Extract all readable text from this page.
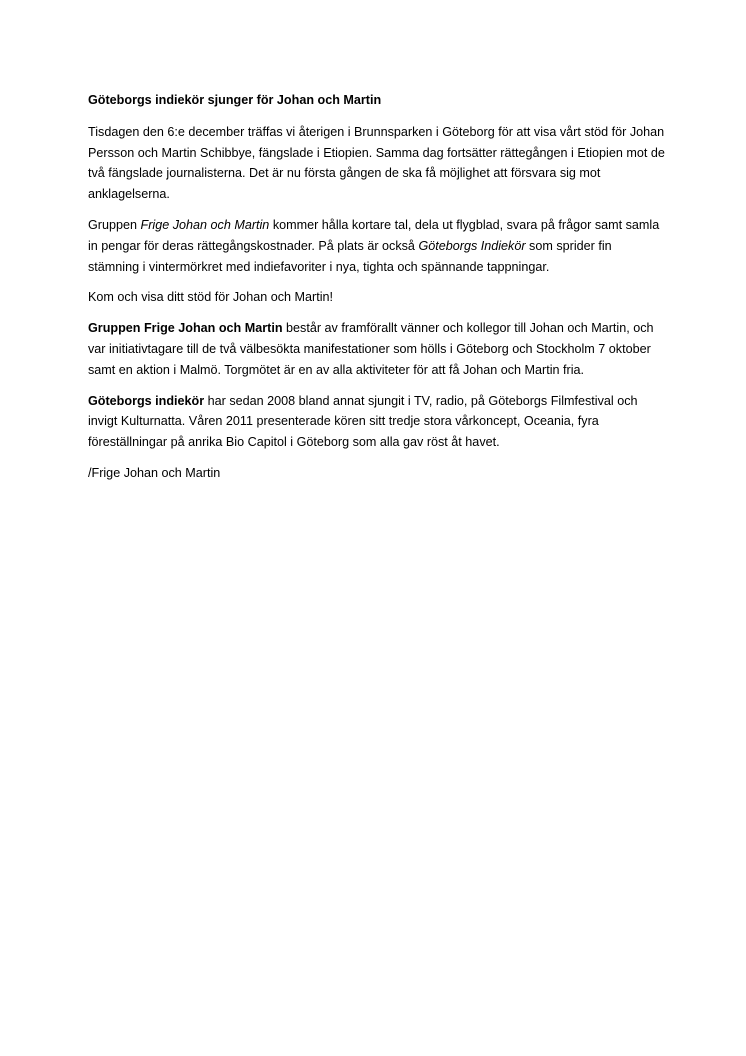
Göteborgs indiekör sjunger för Johan och Martin

Tisdagen den 6:e december träffas vi återigen i Brunnsparken i Göteborg för att visa vårt stöd för Johan Persson och Martin Schibbye, fängslade i Etiopien. Samma dag fortsätter rättegången i Etiopien mot de två fängslade journalisterna. Det är nu första gången de ska få möjlighet att försvara sig mot anklagelserna.

Gruppen Frige Johan och Martin kommer hålla kortare tal, dela ut flygblad, svara på frågor samt samla in pengar för deras rättegångskostnader. På plats är också Göteborgs Indiekör som sprider fin stämning i vintermörkret med indiefavoriter i nya, tighta och spännande tappningar.

Kom och visa ditt stöd för Johan och Martin!

Gruppen Frige Johan och Martin består av framförallt vänner och kollegor till Johan och Martin, och var initiativtagare till de två välbesökta manifestationer som hölls i Göteborg och Stockholm 7 oktober samt en aktion i Malmö. Torgmötet är en av alla aktiviteter för att få Johan och Martin fria.

Göteborgs indiekör har sedan 2008 bland annat sjungit i TV, radio, på Göteborgs Filmfestival och invigt Kulturnatta. Våren 2011 presenterade kören sitt tredje stora vårkoncept, Oceania, fyra föreställningar på anrika Bio Capitol i Göteborg som alla gav röst åt havet.

/Frige Johan och Martin
